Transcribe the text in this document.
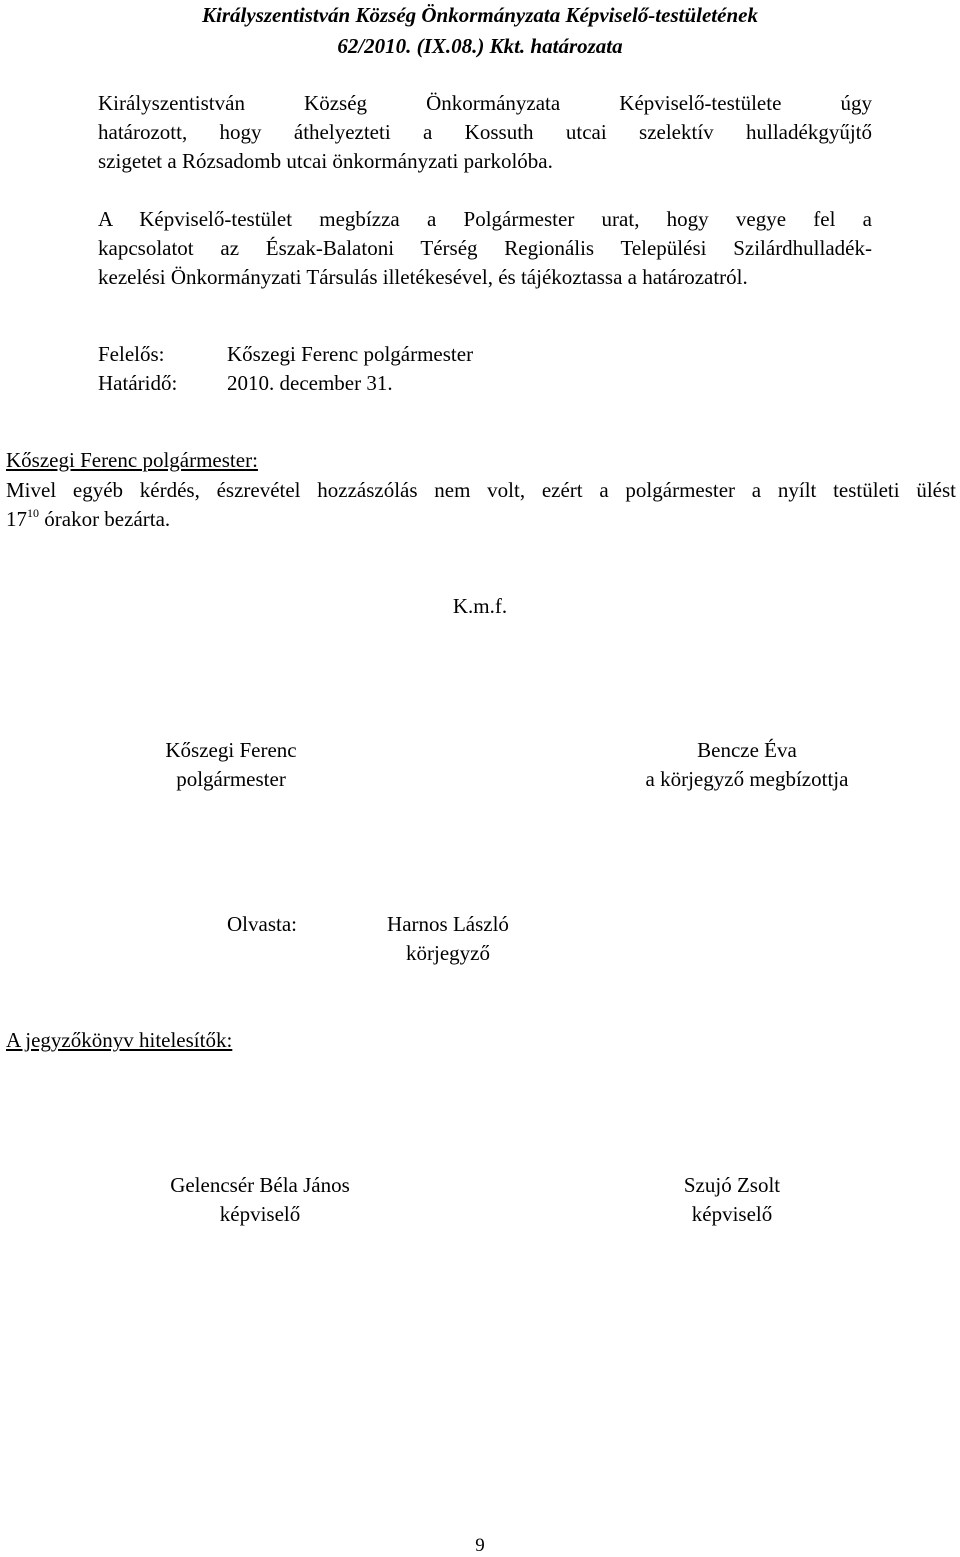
Királyszentistván Község Önkormányzata Képviselő-testületének
62/2010. (IX.08.) Kkt. határozata
Királyszentistván Község Önkormányzata Képviselő-testülete úgy
határozott, hogy áthelyezteti a Kossuth utcai szelektív hulladékgyűjtő
szigetet a Rózsadomb utcai önkormányzati parkolóba.
A Képviselő-testület megbízza a Polgármester urat, hogy vegye fel a
kapcsolatot az Észak-Balatoni Térség Regionális Települési Szilárdhulladék-
kezelési Önkormányzati Társulás illetékesével, és tájékoztassa a határozatról.
Felelős:	Kőszegi Ferenc polgármester
Határidő: 2010. december 31.
Kőszegi Ferenc polgármester:
Mivel egyéb kérdés, észrevétel hozzászólás nem volt, ezért a polgármester a nyílt testületi ülést
$17^{10}$ órakor bezárta.
K.m.f.
Kőszegi Ferenc
polgármester
Bencze Éva
a körjegyző megbízottja
Olvasta:	Harnos László
körjegyző
A jegyzőkönyv hitelesítők:
Gelencsér Béla János
képviselő
Szujó Zsolt
képviselő
9
